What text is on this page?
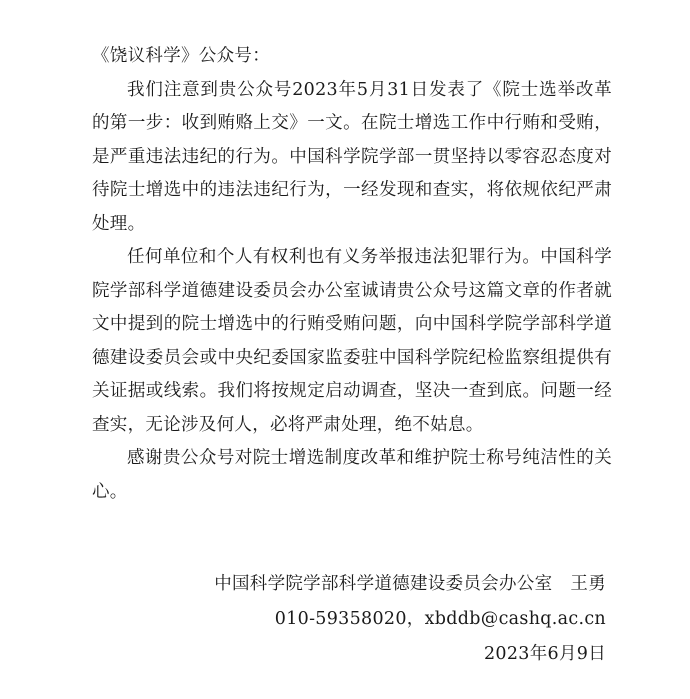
《饶议科学》公众号：

我们注意到贵公众号2023年5月31日发表了《院士选举改革的第一步：收到贿赂上交》一文。在院士增选工作中行贿和受贿，是严重违法违纪的行为。中国科学院学部一贯坚持以零容忍态度对待院士增选中的违法违纪行为，一经发现和查实，将依规依纪严肃处理。

任何单位和个人有权利也有义务举报违法犯罪行为。中国科学院学部科学道德建设委员会办公室诚请贵公众号这篇文章的作者就文中提到的院士增选中的行贿受贿问题，向中国科学院学部科学道德建设委员会或中央纪委国家监委驻中国科学院纪检监察组提供有关证据或线索。我们将按规定启动调查，坚决一查到底。问题一经查实，无论涉及何人，必将严肃处理，绝不姑息。

感谢贵公众号对院士增选制度改革和维护院士称号纯洁性的关心。

中国科学院学部科学道德建设委员会办公室 王勇
010-59358020，xbddb@cashq.ac.cn
2023年6月9日
